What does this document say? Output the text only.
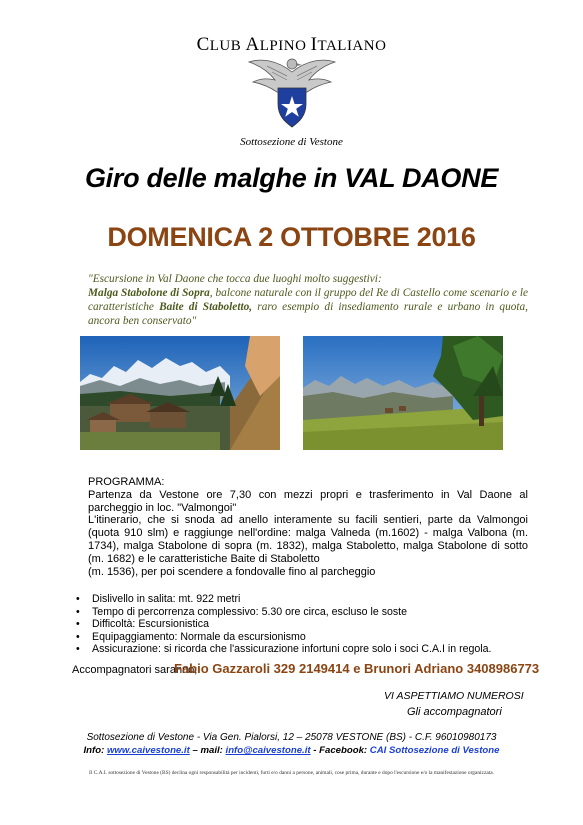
CLUB ALPINO ITALIANO
Sottosezione di Vestone
Giro delle malghe in VAL DAONE
DOMENICA 2 OTTOBRE 2016
"Escursione in Val Daone che tocca due luoghi molto suggestivi:
Malga Stabolone di Sopra, balcone naturale con il gruppo del Re di Castello come scenario e le caratteristiche Baite di Staboletto, raro esempio di insediamento rurale e urbano in quota, ancora ben conservato"

PROGRAMMA:

Partenza da Vestone ore 7,30 con mezzi propri e trasferimento in Val Daone al parcheggio in loc. "Valmongoi"

L'itinerario, che si snoda ad anello interamente su facili sentieri, parte da Valmongoi (quota 910 slm) e raggiunge nell'ordine: malga Valneda (m.1602) - malga Valbona (m. 1734), malga Stabolone di sopra (m. 1832), malga Staboletto, malga Stabolone di sotto (m. 1682) e le caratteristiche Baite di Staboletto

(m. 1536), per poi scendere a fondovalle fino al parcheggio

• Dislivello in salita: mt. 922 metri
• Tempo di percorrenza complessivo: 5.30 ore circa, escluso le soste
• Difficoltà: Escursionistica
• Equipaggiamento: Normale da escursionismo
• Assicurazione: si ricorda che l'assicurazione infortuni copre solo i soci C.A.I in regola.
Accompagnatori saranno;
Fabio Gazzaroli 329 2149414 e Brunori Adriano 3408986773
VI ASPETTIAMO NUMEROSI
Gli accompagnatori
Sottosezione di Vestone - Via Gen. Pialorsi, 12 – 25078 VESTONE (BS) - C.F. 96010980173
Info: www.caivestone.it – mail: info@caivestone.it - Facebook: CAI Sottosezione di Vestone
Il C.A.I. sottosezione di Vestone (BS) declina ogni responsabilità per incidenti, furti e/o danni a persone, animali, cose prima, durante e dopo l'escursione e/o la manifestazione organizzata.
